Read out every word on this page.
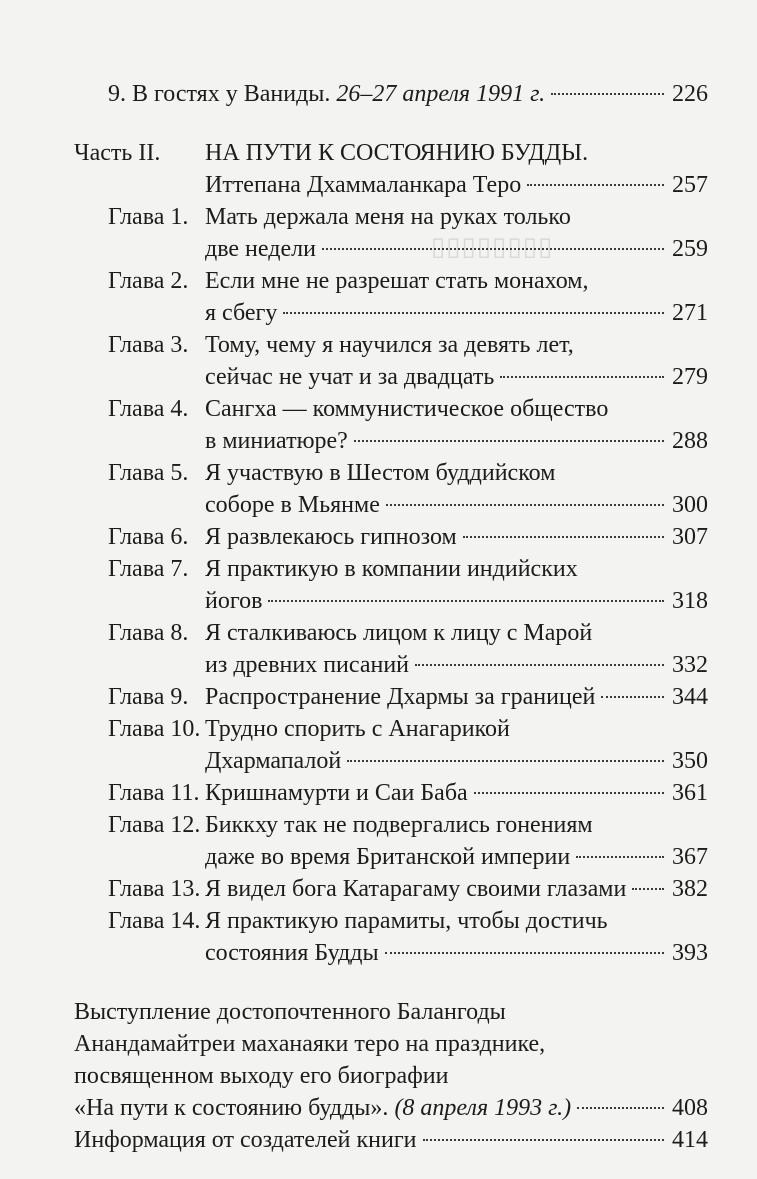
▯▯▯▯▯▯▯▯
9. В гостях у Ваниды. 26–27 апреля 1991 г.	226
Часть II. НА ПУТИ К СОСТОЯНИЮ БУДДЫ.
Иттепана Дхаммаланкара Теро	257
Глава 1. Мать держала меня на руках только
две недели	259
Глава 2. Если мне не разрешат стать монахом,
я сбегу	271
Глава 3. Тому, чему я научился за девять лет,
сейчас не учат и за двадцать	279
Глава 4. Сангха — коммунистическое общество
в миниатюре?	288
Глава 5. Я участвую в Шестом буддийском
соборе в Мьянме	300
Глава 6. Я развлекаюсь гипнозом	307
Глава 7. Я практикую в компании индийских
йогов	318
Глава 8. Я сталкиваюсь лицом к лицу с Марой
из древних писаний	332
Глава 9. Распространение Дхармы за границей	344
Глава 10. Трудно спорить с Анагарикой
Дхармапалой	350
Глава 11. Кришнамурти и Саи Баба	361
Глава 12. Биккху так не подвергались гонениям
даже во время Британской империи	367
Глава 13. Я видел бога Катарагаму своими глазами 382
Глава 14. Я практикую парамиты, чтобы достичь
состояния Будды	393
Выступление достопочтенного Балангоды
Анандамайтреи маханаяки теро на празднике,
посвященном выходу его биографии
«На пути к состоянию будды». (8 апреля 1993 г.)	408
Информация от создателей книги	414
